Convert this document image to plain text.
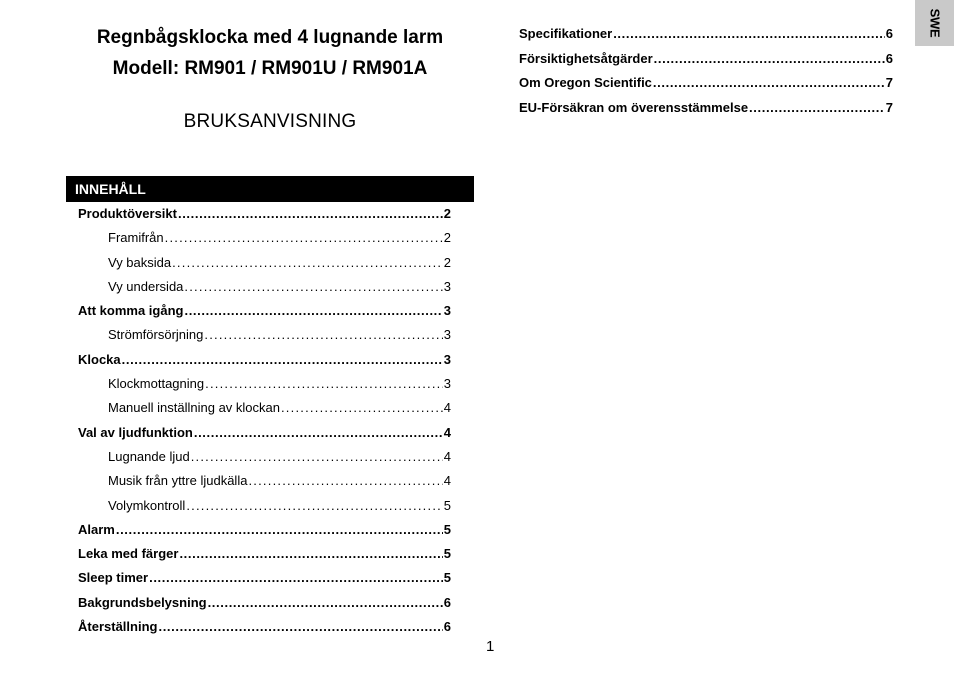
Regnbågsklocka med 4 lugnande larm
Modell: RM901 / RM901U / RM901A
BRUKSANVISNING
SWE
INNEHÅLL
Produktöversikt . . .	2
Framifrån . . .	2
Vy baksida . . .	2
Vy undersida . . .	3
Att komma igång . . .	3
Strömförsörjning . . .	3
Klocka . . .	3
Klockmottagning . . .	3
Manuell inställning av klockan . . .	4
Val av ljudfunktion . . .	4
Lugnande ljud . . .	4
Musik från yttre ljudkälla . . .	4
Volymkontroll . . .	5
Alarm . . .	5
Leka med färger . . .	5
Sleep timer . . .	5
Bakgrundsbelysning . . .	6
Återställning . . .	6
Specifikationer . . .	6
Försiktighetsåtgärder . . .	6
Om Oregon Scientific . . .	7
EU-Försäkran om överensstämmelse . . .	7
1
